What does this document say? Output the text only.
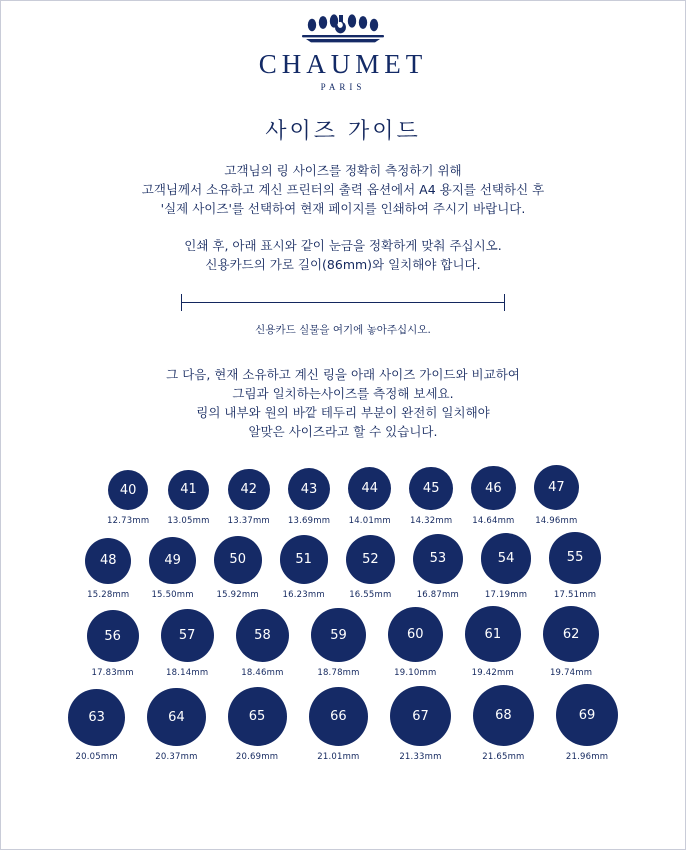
CHAUMET
PARIS
사이즈 가이드
고객님의 링 사이즈를 정확히 측정하기 위해
고객님께서 소유하고 계신 프린터의 출력 옵션에서 A4 용지를 선택하신 후
'실제 사이즈'를 선택하여 현재 페이지를 인쇄하여 주시기 바랍니다.
인쇄 후, 아래 표시와 같이 눈금을 정확하게 맞춰 주십시오.
신용카드의 가로 길이(86mm)와 일치해야 합니다.
신용카드 실물을 여기에 놓아주십시오.
그 다음, 현재 소유하고 계신 링을 아래 사이즈 가이드와 비교하여
그림과 일치하는사이즈를 측정해 보세요.
링의 내부와 원의 바깥 테두리 부분이 완전히 일치해야
알맞은 사이즈라고 할 수 있습니다.
40
12.73mm
41
13.05mm
42
13.37mm
43
13.69mm
44
14.01mm
45
14.32mm
46
14.64mm
47
14.96mm
48
15.28mm
49
15.50mm
50
15.92mm
51
16.23mm
52
16.55mm
53
16.87mm
54
17.19mm
55
17.51mm
56
17.83mm
57
18.14mm
58
18.46mm
59
18.78mm
60
19.10mm
61
19.42mm
62
19.74mm
63
20.05mm
64
20.37mm
65
20.69mm
66
21.01mm
67
21.33mm
68
21.65mm
69
21.96mm
